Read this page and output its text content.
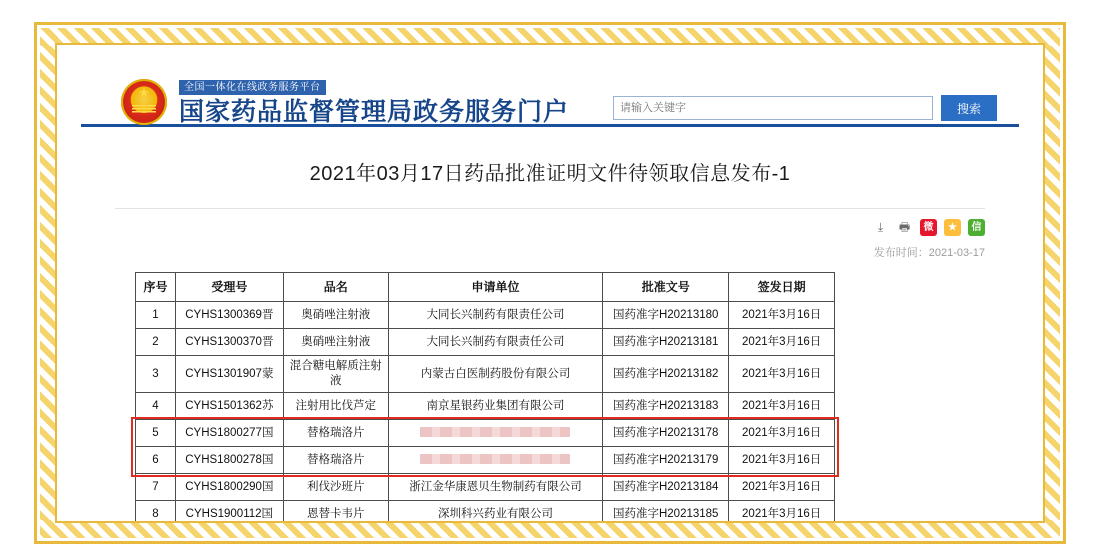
★
全国一体化在线政务服务平台
国家药品监督管理局政务服务门户
请输入关键字	搜索
2021年03月17日药品批准证明文件待领取信息发布-1
⤓	🖶	微	★	信
发布时间：2021-03-17
序号	受理号	品名	申请单位	批准文号	签发日期
1	CYHS1300369晋	奥硝唑注射液	大同长兴制药有限责任公司	国药准字H20213180	2021年3月16日
2	CYHS1300370晋	奥硝唑注射液	大同长兴制药有限责任公司	国药准字H20213181	2021年3月16日
3	CYHS1301907蒙	混合糖电解质注射液	内蒙古白医制药股份有限公司	国药准字H20213182	2021年3月16日
4	CYHS1501362苏	注射用比伐芦定	南京星银药业集团有限公司	国药准字H20213183	2021年3月16日
5	CYHS1800277国	替格瑞洛片		国药准字H20213178	2021年3月16日
6	CYHS1800278国	替格瑞洛片		国药准字H20213179	2021年3月16日
7	CYHS1800290国	利伐沙班片	浙江金华康恩贝生物制药有限公司	国药准字H20213184	2021年3月16日
8	CYHS1900112国	恩替卡韦片	深圳科兴药业有限公司	国药准字H20213185	2021年3月16日
